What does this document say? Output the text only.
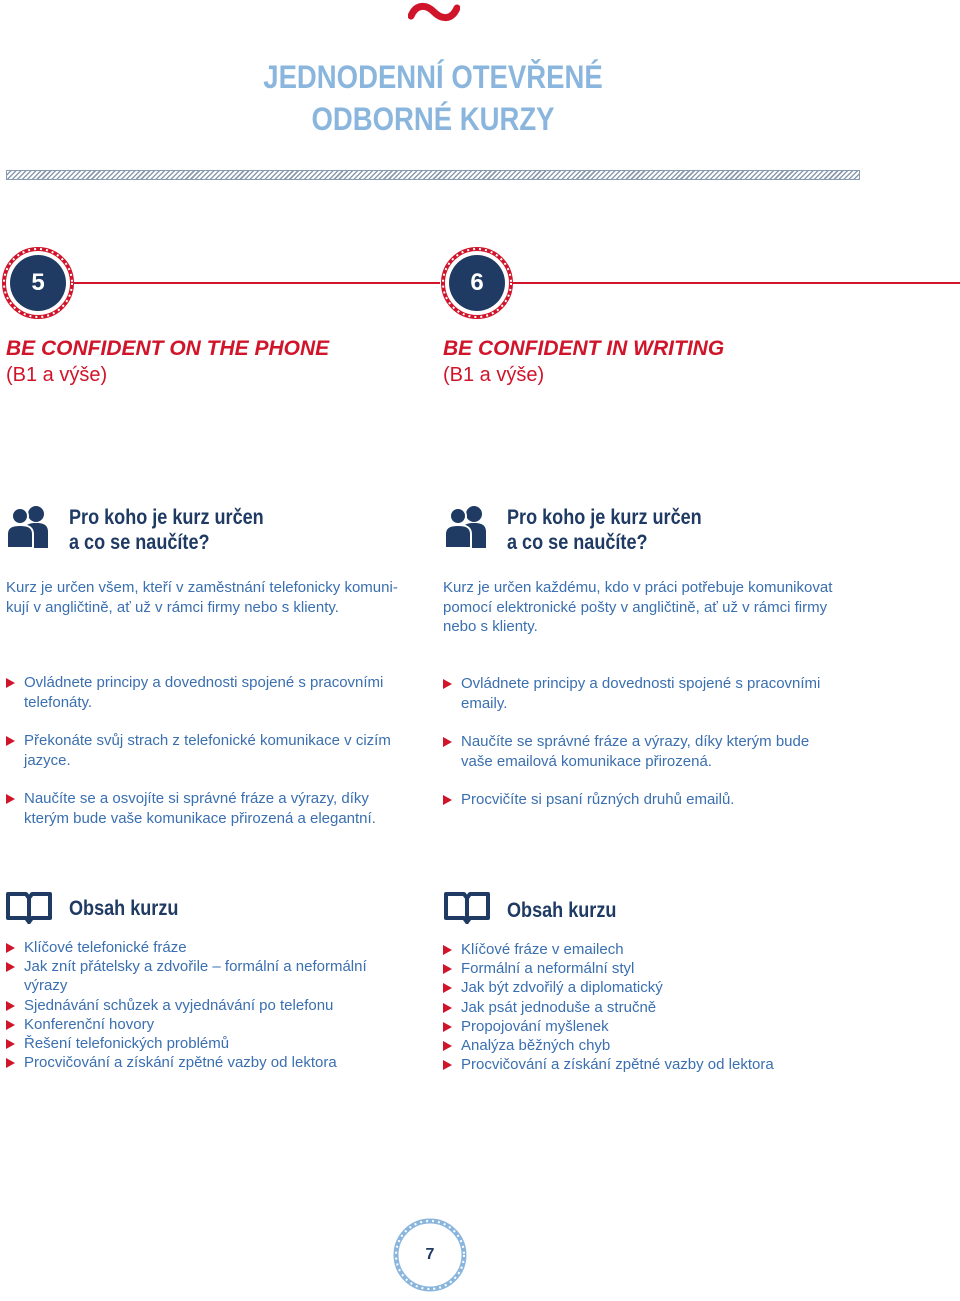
JEDNODENNÍ OTEVŘENÉ
ODBORNÉ KURZY
5	6
BE CONFIDENT ON THE PHONE
(B1 a výše)
BE CONFIDENT IN WRITING
(B1 a výše)
Pro koho je kurz určen
a co se naučíte?
Pro koho je kurz určen
a co se naučíte?
Kurz je určen všem, kteří v zaměstnání telefonicky komuni-
kují v angličtině, ať už v rámci firmy nebo s klienty.
Kurz je určen každému, kdo v práci potřebuje komunikovat
pomocí elektronické pošty v angličtině, ať už v rámci firmy
nebo s klienty.
Ovládnete principy a dovednosti spojené s pracovními
telefonáty.
Překonáte svůj strach z telefonické komunikace v cizím
jazyce.
Naučíte se a osvojíte si správné fráze a výrazy, díky
kterým bude vaše komunikace přirozená a elegantní.
Ovládnete principy a dovednosti spojené s pracovními
emaily.
Naučíte se správné fráze a výrazy, díky kterým bude
vaše emailová komunikace přirozená.
Procvičíte si psaní různých druhů emailů.
Obsah kurzu	Obsah kurzu
Klíčové telefonické fráze
Jak znít přátelsky a zdvořile – formální a neformální
výrazy
Sjednávání schůzek a vyjednávání po telefonu
Konferenční hovory
Řešení telefonických problémů
Procvičování a získání zpětné vazby od lektora
Klíčové fráze v emailech
Formální a neformální styl
Jak být zdvořilý a diplomatický
Jak psát jednoduše a stručně
Propojování myšlenek
Analýza běžných chyb
Procvičování a získání zpětné vazby od lektora
7
